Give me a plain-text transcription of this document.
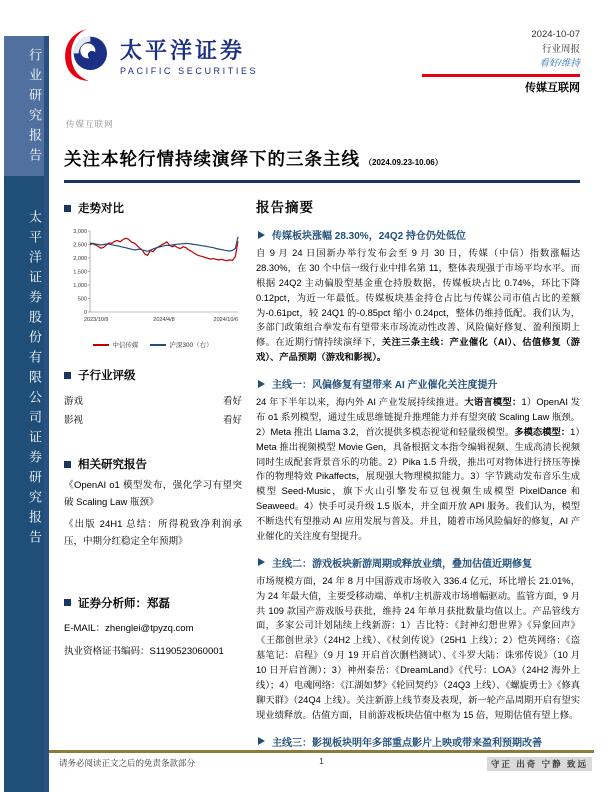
行业研究报告
太平洋证券股份有限公司证券研究报告
太平洋证券
PACIFIC SECURITIES
2024-10-07
行业周报
看好/维持
传媒互联网
传媒互联网
关注本轮行情持续演绎下的三条主线 （2024.09.23-10.06）
走势对比
3,000
2,500
2,000
1,500
1,000
500
0
2023/10/9	2024/4/8	2024/10/6
中信传媒	沪深300（右）
子行业评级
游戏	看好
影视	看好
相关研究报告
《OpenAI o1 模型发布，强化学习有望突破 Scaling Law 瓶颈》
《出版 24H1 总结：所得税致净利润承压，中期分红稳定全年预期》
证券分析师：郑磊
E-MAIL：zhenglei@tpyzq.com
执业资格证书编码：S1190523060001
报告摘要
传媒板块涨幅 28.30%，24Q2 持仓仍处低位
自 9 月 24 日国新办举行发布会至 9 月 30 日，传媒（中信）指数涨幅达 28.30%，在 30 个中信一级行业中排名第 11，整体表现强于市场平均水平。而根据 24Q2 主动偏股型基金重仓持股数据，传媒板块占比 0.74%，环比下降 0.12pct，为近一年最低。传媒板块基金持仓占比与传媒公司市值占比的差额为-0.61pct，较 24Q1 的-0.85pct 缩小 0.24pct，整体仍维持低配。我们认为，多部门政策组合拳发布有望带来市场流动性改善、风险偏好修复、盈利预期上修。在近期行情持续演绎下，关注三条主线：产业催化（AI）、估值修复（游戏）、产品预期（游戏和影视）。
主线一：风偏修复有望带来 AI 产业催化关注度提升
24 年下半年以来，海内外 AI 产业发展持续推进。大语言模型：1）OpenAI 发布 o1 系列模型，通过生成思维链提升推理能力并有望突破 Scaling Law 瓶颈。2）Meta 推出 Llama 3.2，首次提供多模态视觉和轻量级模型。多模态模型：1）Meta 推出视频模型 Movie Gen，具备根据文本指令编辑视频、生成高清长视频同时生成配套背景音乐的功能。2）Pika 1.5 升级，推出可对物体进行挤压等操作的物理特效 Pikaffects，展现强大物理模拟能力。3）字节跳动发布音乐生成模型 Seed-Music，旗下火山引擎发布豆包视频生成模型 PixelDance 和 Seaweed。4）快手可灵升级 1.5 版本，并全面开放 API 服务。我们认为，模型不断迭代有望推动 AI 应用发展与普及。并且，随着市场风险偏好的修复，AI 产业催化的关注度有望提升。
主线二：游戏板块新游周期或释放业绩，叠加估值近期修复
市场规模方面，24 年 8 月中国游戏市场收入 336.4 亿元，环比增长 21.01%，为 24 年最大值，主要受移动端、单机/主机游戏市场增幅驱动。监管方面，9 月共 109 款国产游戏版号获批，维持 24 年单月获批数量均值以上。产品管线方面，多家公司计划陆续上线新游：1）吉比特：《封神幻想世界》《异象回声》《王都创世录》（24H2 上线）、《杖剑传说》（25H1 上线）；2）恺英网络：《盗墓笔记：启程》（9 月 19 开启首次删档测试）、《斗罗大陆：诛邪传说》（10 月 10 日开启首测）；3）神州泰岳：《DreamLand》《代号：LOA》（24H2 海外上线）；4）电魂网络：《江湖如梦》《轮回契约》（24Q3 上线）、《螺旋勇士》《修真聊天群》（24Q4 上线）。关注新游上线节奏及表现，新一轮产品周期开启有望实现业绩释放。估值方面，目前游戏板块估值中枢为 15 倍，短期估值有望上修。
主线三：影视板块明年多部重点影片上映或带来盈利预期改善
请务必阅读正文之后的免责条款部分	1	守正 出奇 宁静 致远
